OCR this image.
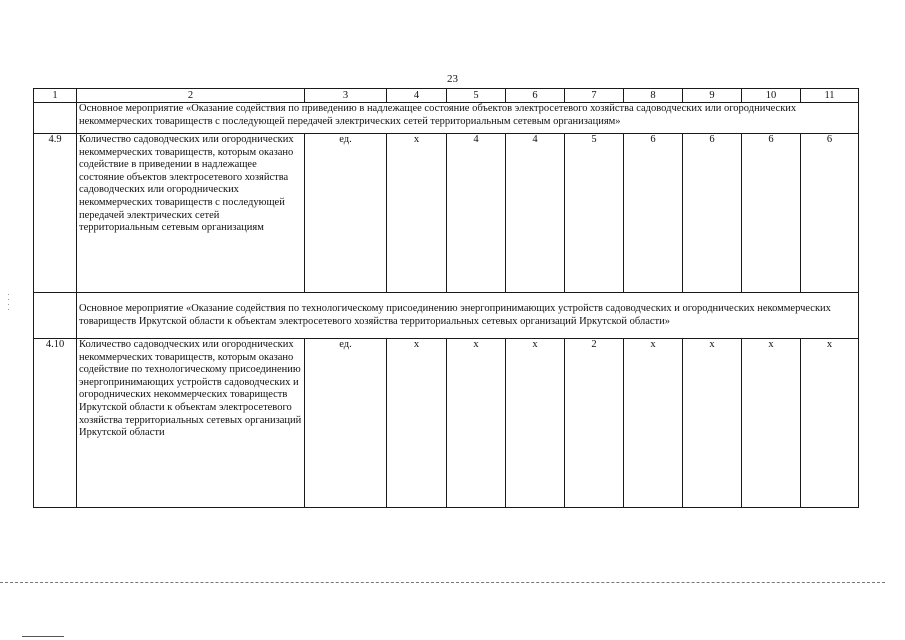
23
1	2	3	4	5	6	7	8	9	10	11
	Основное мероприятие «Оказание содействия по приведению в надлежащее состояние объектов электросетевого хозяйства садоводческих или огороднических некоммерческих товариществ с последующей передачей электрических сетей территориальным сетевым организациям»									
4.9	Количество садоводческих или огороднических некоммерческих товариществ, которым оказано содействие в приведении в надлежащее состояние объектов электросетевого хозяйства садоводческих или огороднических некоммерческих товариществ с последующей передачей электрических сетей территориальным сетевым организациям	ед.	х	4	4	5	6	6	6	6
	Основное мероприятие «Оказание содействия по технологическому присоединению энергопринимающих устройств садоводческих и огороднических некоммерческих товариществ Иркутской области к объектам электросетевого хозяйства территориальных сетевых организаций Иркутской области»									
4.10	Количество садоводческих или огороднических некоммерческих товариществ, которым оказано содействие по технологическому присоединению энергопринимающих устройств садоводческих и огороднических некоммерческих товариществ Иркутской области к объектам электросетевого хозяйства территориальных сетевых организаций Иркутской области	ед.	х	х	х	2	х	х	х	х
